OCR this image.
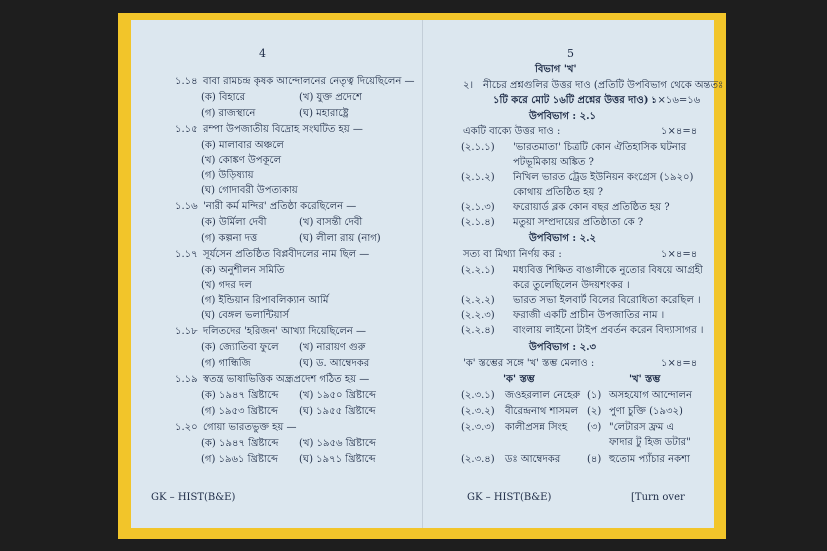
4
১.১৪ বাবা রামচন্দ্র কৃষক আন্দোলনের নেতৃত্ব দিয়েছিলেন —
(ক) বিহারে	(খ) যুক্ত প্রদেশে
(গ) রাজস্থানে	(ঘ) মহারাষ্ট্রে
১.১৫ রম্পা উপজাতীয় বিদ্রোহ সংঘটিত হয় —
(ক) মালাবার অঞ্চলে
(খ) কোঙ্কণ উপকূলে
(গ) উড়িষ্যায়
(ঘ) গোদাবরী উপত্যকায়
১.১৬ 'নারী কর্ম মন্দির' প্রতিষ্ঠা করেছিলেন —
(ক) উর্মিলা দেবী	(খ) বাসন্তী দেবী
(গ) কল্পনা দত্ত	(ঘ) লীলা রায় (নাগ)
১.১৭ সূর্যসেন প্রতিষ্ঠিত বিপ্লবীদলের নাম ছিল —
(ক) অনুশীলন সমিতি
(খ) গদর দল
(গ) ইন্ডিয়ান রিপাবলিক্যান আর্মি
(ঘ) বেঙ্গল ভলান্টিয়ার্স
১.১৮ দলিতদের 'হরিজন' আখ্যা দিয়েছিলেন —
(ক) জ্যোতিবা ফুলে (খ) নারায়ণ গুরু
(গ) গান্ধিজি	(ঘ) ড. আম্বেদকর
১.১৯ স্বতন্ত্র ভাষাভিত্তিক অন্ধ্রপ্রদেশ গঠিত হয় —
(ক) ১৯৪৭ খ্রিষ্টাব্দে (খ) ১৯৫০ খ্রিষ্টাব্দে
(গ) ১৯৫৩ খ্রিষ্টাব্দে (ঘ) ১৯৫৫ খ্রিষ্টাব্দে
১.২০ গোয়া ভারতভুক্ত হয় —
(ক) ১৯৪৭ খ্রিষ্টাব্দে (খ) ১৯৫৬ খ্রিষ্টাব্দে
(গ) ১৯৬১ খ্রিষ্টাব্দে (ঘ) ১৯৭১ খ্রিষ্টাব্দে
GK – HIST(B&E)
5
বিভাগ 'খ'
২। নীচের প্রশ্নগুলির উত্তর দাও (প্রতিটি উপবিভাগ থেকে অন্ততঃ
১টি করে মোট ১৬টি প্রশ্নের উত্তর দাও) :
১×১৬=১৬
উপবিভাগ : ২.১
একটি বাক্যে উত্তর দাও :	১×৪=৪
(২.১.১) 'ভারতমাতা' চিত্রটি কোন ঐতিহাসিক ঘটনার
পটভূমিকায় অঙ্কিত ?
(২.১.২) নিখিল ভারত ট্রেড ইউনিয়ন কংগ্রেস (১৯২০)
কোথায় প্রতিষ্ঠিত হয় ?
(২.১.৩) ফরোয়ার্ড ব্লক কোন বছর প্রতিষ্ঠিত হয় ?
(২.১.৪) মতুয়া সম্প্রদায়ের প্রতিষ্ঠাতা কে ?
উপবিভাগ : ২.২
সত্য বা মিথ্যা নির্ণয় কর :	১×৪=৪
(২.২.১) মধ্যবিত্ত শিক্ষিত বাঙালীকে নুতোর বিষয়ে আগ্রহী
করে তুলেছিলেন উদয়শংকর ।
(২.২.২) ভারত সভা ইলবার্ট বিলের বিরোধিতা করেছিল ।
(২.২.৩) ফরাজী একটি প্রাচীন উপজাতির নাম ।
(২.২.৪) বাংলায় লাইনো টাইপ প্রবর্তন করেন বিদ্যাসাগর ।
উপবিভাগ : ২.৩
'ক' স্তম্ভের সঙ্গে 'খ' স্তম্ভ মেলাও :	১×৪=৪
'ক' স্তম্ভ	'খ' স্তম্ভ
(২.৩.১) জওহরলাল নেহেরু (১) অসহযোগ আন্দোলন
(২.৩.২) বীরেন্দ্রনাথ শাসমল (২) পুণা চুক্তি (১৯৩২)
(২.৩.৩) কালীপ্রসন্ন সিংহ (৩) "লেটারস ফ্রম এ
ফাদার টু হিজ ডটার"
(২.৩.৪) ডঃ আম্বেদকর	(৪) হুতোম প্যাঁচার নকশা
GK – HIST(B&E)	[Turn over
